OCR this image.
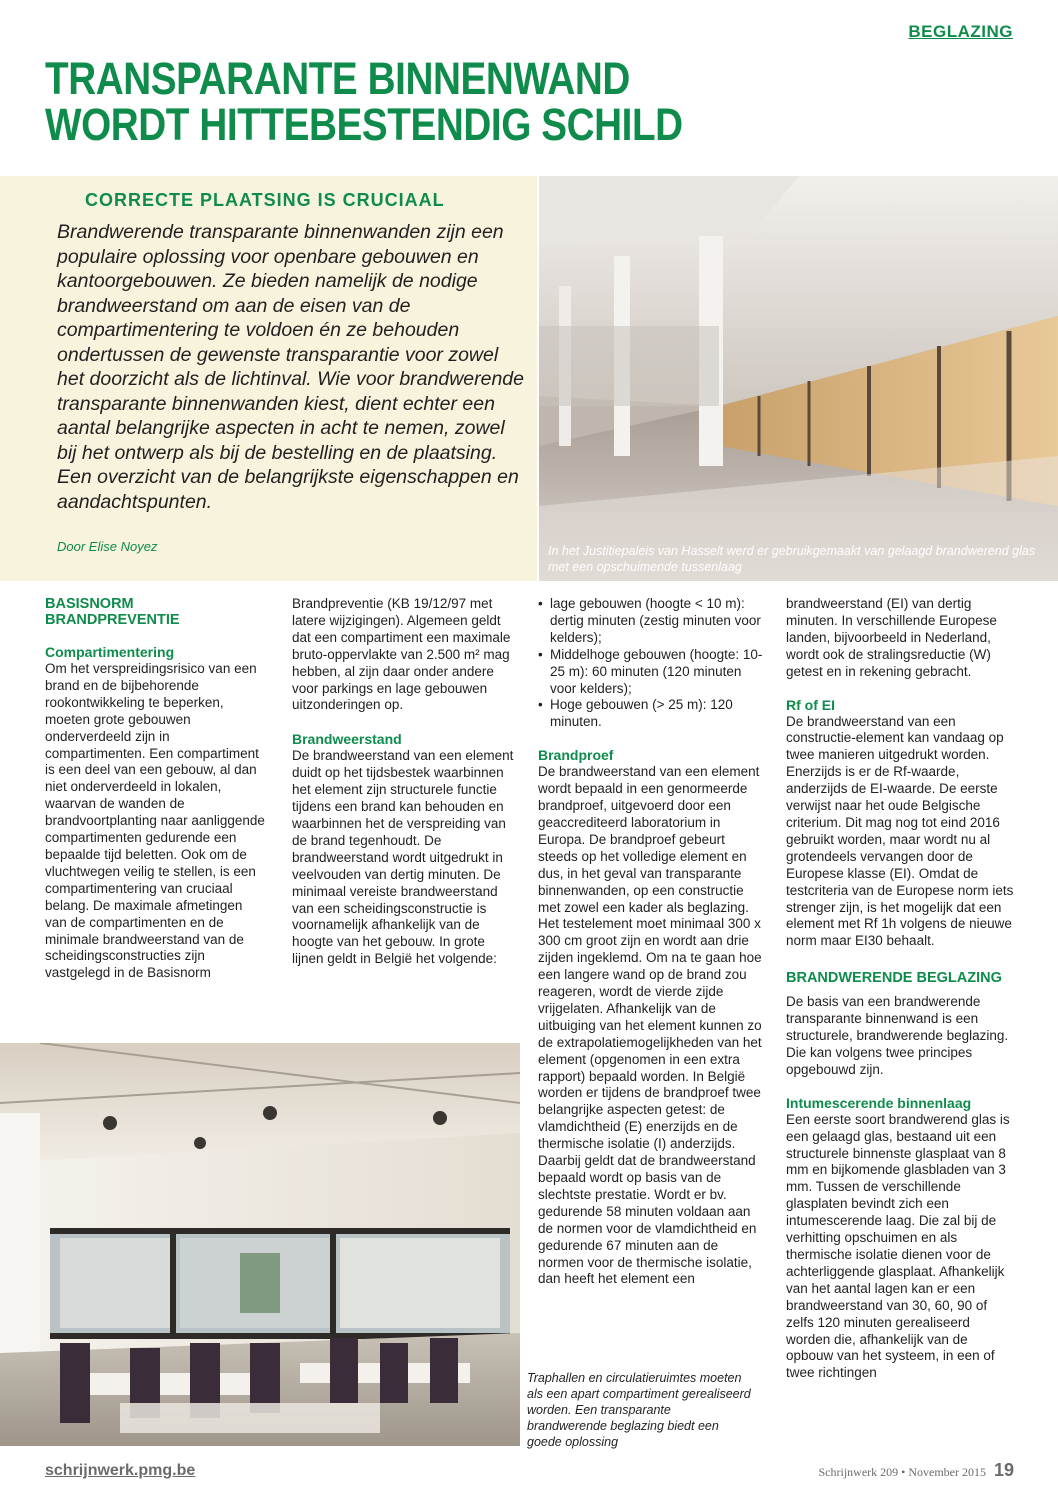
BEGLAZING
TRANSPARANTE BINNENWAND
WORDT HITTEBESTENDIG SCHILD
CORRECTE PLAATSING IS CRUCIAAL
Brandwerende transparante binnenwanden zijn een populaire oplossing voor openbare gebouwen en kantoorgebouwen. Ze bieden namelijk de nodige brandweerstand om aan de eisen van de compartimentering te voldoen én ze behouden ondertussen de gewenste transparantie voor zowel het doorzicht als de lichtinval. Wie voor brandwerende transparante binnenwanden kiest, dient echter een aantal belangrijke aspecten in acht te nemen, zowel bij het ontwerp als bij de bestelling en de plaatsing. Een overzicht van de belangrijkste eigenschappen en aandachtspunten.
Door Elise Noyez	In het Justitiepaleis van Hasselt werd er gebruikgemaakt van gelaagd brandwerend glas met een opschuimende tussenlaag

BASISNORM BRANDPREVENTIE

Compartimentering

Om het verspreidingsrisico van een brand en de bijbehorende rookontwikkeling te beperken, moeten grote gebouwen onderverdeeld zijn in compartimenten. Een compartiment is een deel van een gebouw, al dan niet onderverdeeld in lokalen, waarvan de wanden de brandvoortplanting naar aanliggende compartimenten gedurende een bepaalde tijd beletten. Ook om de vluchtwegen veilig te stellen, is een compartimentering van cruciaal belang. De maximale afmetingen van de compartimenten en de minimale brandweerstand van de scheidingsconstructies zijn vastgelegd in de Basisnorm

Brandpreventie (KB 19/12/97 met latere wijzigingen). Algemeen geldt dat een compartiment een maximale bruto-oppervlakte van 2.500 m² mag hebben, al zijn daar onder andere voor parkings en lage gebouwen uitzonderingen op.

Brandweerstand

De brandweerstand van een element duidt op het tijdsbestek waarbinnen het element zijn structurele functie tijdens een brand kan behouden en waarbinnen het de verspreiding van de brand tegenhoudt. De brandweerstand wordt uitgedrukt in veelvouden van dertig minuten. De minimaal vereiste brandweerstand van een scheidingsconstructie is voornamelijk afhankelijk van de hoogte van het gebouw. In grote lijnen geldt in België het volgende:

• lage gebouwen (hoogte < 10 m): dertig minuten (zestig minuten voor kelders);
• Middelhoge gebouwen (hoogte: 10-25 m): 60 minuten (120 minuten voor kelders);
• Hoge gebouwen (> 25 m): 120 minuten.

Brandproef

De brandweerstand van een element wordt bepaald in een genormeerde brandproef, uitgevoerd door een geaccrediteerd laboratorium in Europa. De brandproef gebeurt steeds op het volledige element en dus, in het geval van transparante binnenwanden, op een constructie met zowel een kader als beglazing. Het testelement moet minimaal 300 x 300 cm groot zijn en wordt aan drie zijden ingeklemd. Om na te gaan hoe een langere wand op de brand zou reageren, wordt de vierde zijde vrijgelaten. Afhankelijk van de uitbuiging van het element kunnen zo de extrapolatiemogelijkheden van het element (opgenomen in een extra rapport) bepaald worden. In België worden er tijdens de brandproef twee belangrijke aspecten getest: de vlamdichtheid (E) enerzijds en de thermische isolatie (I) anderzijds. Daarbij geldt dat de brandweerstand bepaald wordt op basis van de slechtste prestatie. Wordt er bv. gedurende 58 minuten voldaan aan de normen voor de vlamdichtheid en gedurende 67 minuten aan de normen voor de thermische isolatie, dan heeft het element een

brandweerstand (EI) van dertig minuten. In verschillende Europese landen, bijvoorbeeld in Nederland, wordt ook de stralingsreductie (W) getest en in rekening gebracht.

Rf of EI

De brandweerstand van een constructie-element kan vandaag op twee manieren uitgedrukt worden. Enerzijds is er de Rf-waarde, anderzijds de EI-waarde. De eerste verwijst naar het oude Belgische criterium. Dit mag nog tot eind 2016 gebruikt worden, maar wordt nu al grotendeels vervangen door de Europese klasse (EI). Omdat de testcriteria van de Europese norm iets strenger zijn, is het mogelijk dat een element met Rf 1h volgens de nieuwe norm maar EI30 behaalt.

BRANDWERENDE BEGLAZING

De basis van een brandwerende transparante binnenwand is een structurele, brandwerende beglazing. Die kan volgens twee principes opgebouwd zijn.

Intumescerende binnenlaag

Een eerste soort brandwerend glas is een gelaagd glas, bestaand uit een structurele binnenste glasplaat van 8 mm en bijkomende glasbladen van 3 mm. Tussen de verschillende glasplaten bevindt zich een intumescerende laag. Die zal bij de verhitting opschuimen en als thermische isolatie dienen voor de achterliggende glasplaat. Afhankelijk van het aantal lagen kan er een brandweerstand van 30, 60, 90 of zelfs 120 minuten gerealiseerd worden die, afhankelijk van de opbouw van het systeem, in een of twee richtingen

Traphallen en circulatieruimtes moeten als een apart compartiment gerealiseerd worden. Een transparante brandwerende beglazing biedt een goede oplossing
schrijnwerk.pmg.be	Schrijnwerk 209 • November 2015 19
